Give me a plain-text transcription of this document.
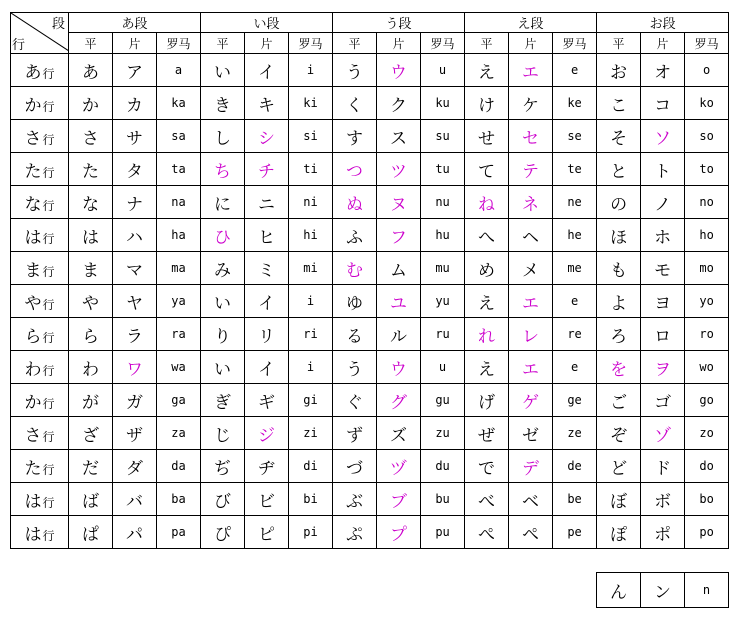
段
行	あ段			い段			う段			え段			お段		
	平	片	罗马	平	片	罗马	平	片	罗马	平	片	罗马	平	片	罗马
あ行	あ	ア	a	い	イ	i	う	ウ	u	え	エ	e	お	オ	o
か行	か	カ	ka	き	キ	ki	く	ク	ku	け	ケ	ke	こ	コ	ko
さ行	さ	サ	sa	し	シ	si	す	ス	su	せ	セ	se	そ	ソ	so
た行	た	タ	ta	ち	チ	ti	つ	ツ	tu	て	テ	te	と	ト	to
な行	な	ナ	na	に	ニ	ni	ぬ	ヌ	nu	ね	ネ	ne	の	ノ	no
は行	は	ハ	ha	ひ	ヒ	hi	ふ	フ	hu	へ	ヘ	he	ほ	ホ	ho
ま行	ま	マ	ma	み	ミ	mi	む	ム	mu	め	メ	me	も	モ	mo
や行	や	ヤ	ya	い	イ	i	ゆ	ユ	yu	え	エ	e	よ	ヨ	yo
ら行	ら	ラ	ra	り	リ	ri	る	ル	ru	れ	レ	re	ろ	ロ	ro
わ行	わ	ワ	wa	い	イ	i	う	ウ	u	え	エ	e	を	ヲ	wo
か行	が	ガ	ga	ぎ	ギ	gi	ぐ	グ	gu	げ	ゲ	ge	ご	ゴ	go
さ行	ざ	ザ	za	じ	ジ	zi	ず	ズ	zu	ぜ	ゼ	ze	ぞ	ゾ	zo
た行	だ	ダ	da	ぢ	ヂ	di	づ	ヅ	du	で	デ	de	ど	ド	do
は行	ば	バ	ba	び	ビ	bi	ぶ	ブ	bu	べ	ベ	be	ぼ	ボ	bo
は行	ぱ	パ	pa	ぴ	ピ	pi	ぷ	プ	pu	ぺ	ペ	pe	ぽ	ポ	po
ん	ン	n
